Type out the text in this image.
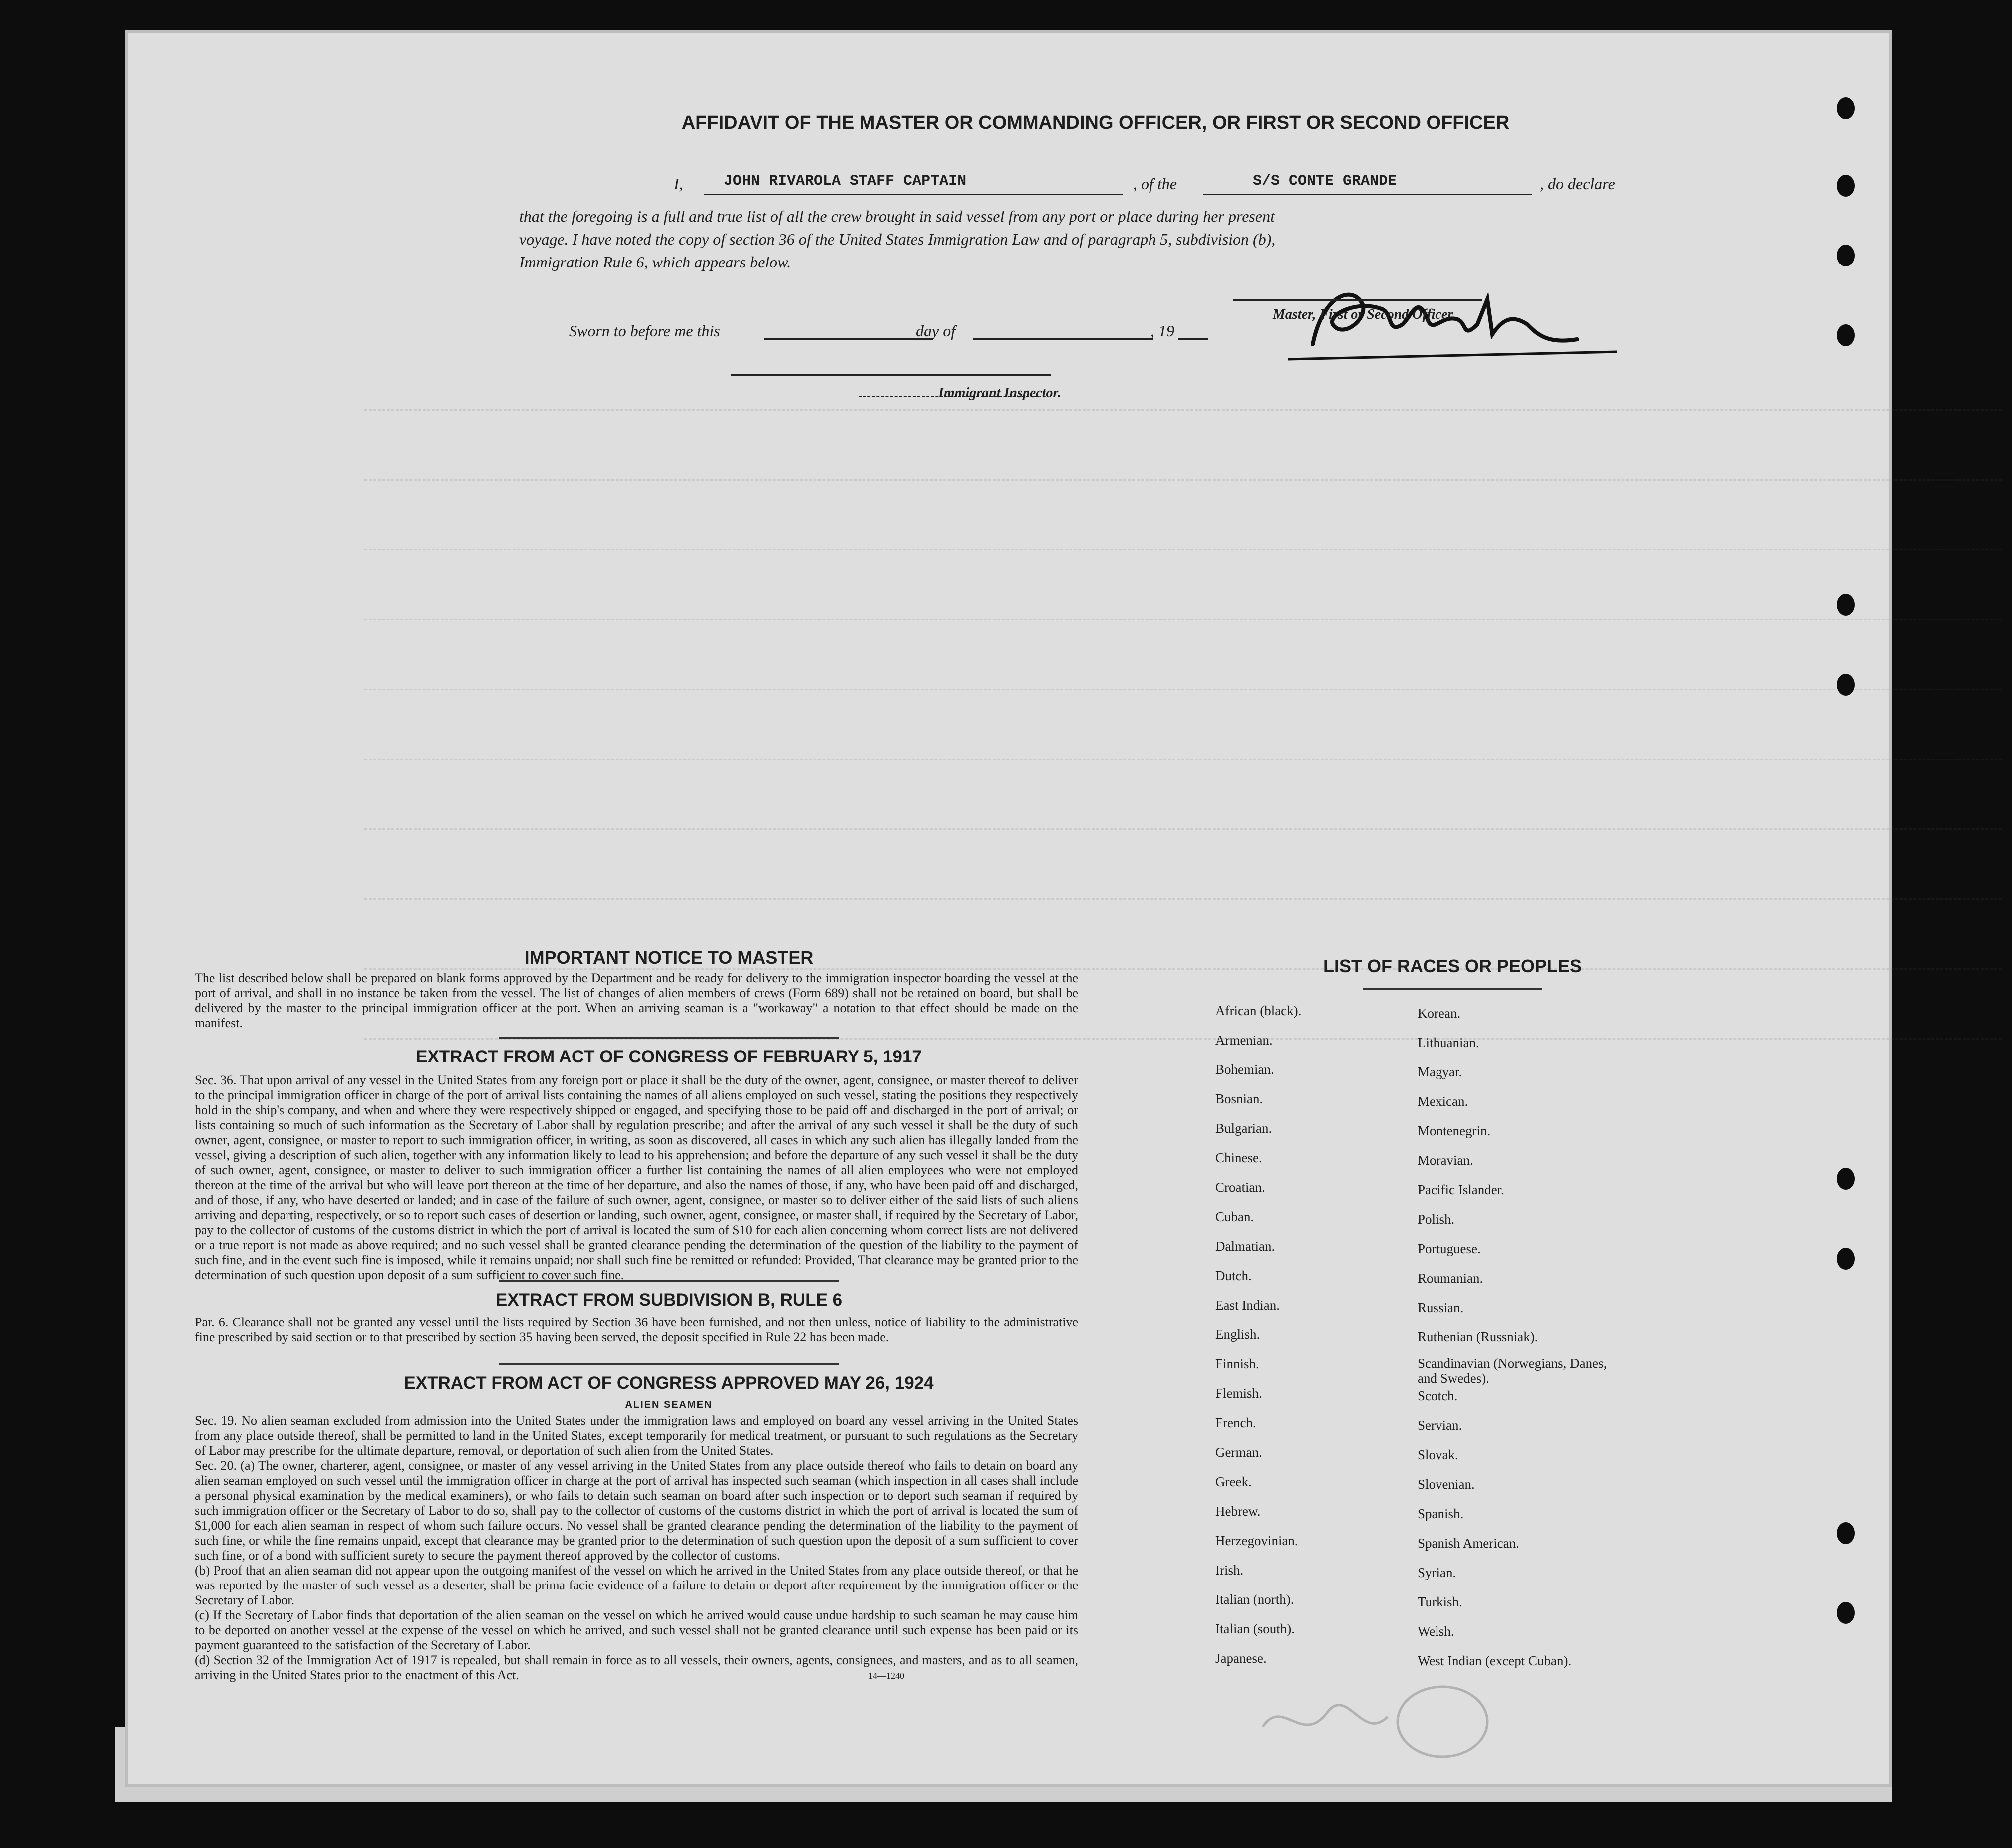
AFFIDAVIT OF THE MASTER OR COMMANDING OFFICER, OR FIRST OR SECOND OFFICER
I,	JOHN RIVAROLA STAFF CAPTAIN	, of the	S/S CONTE GRANDE	, do declare
that the foregoing is a full and true list of all the crew brought in said vessel from any port or place during her present
voyage. I have noted the copy of section 36 of the United States Immigration Law and of paragraph 5, subdivision (b),
Immigration Rule 6, which appears below.
Master, First or Second Officer.
Sworn to before me this	day of	, 19
Immigrant Inspector.
IMPORTANT NOTICE TO MASTER
The list described below shall be prepared on blank forms approved by the Department and be ready for delivery to the immigration inspector boarding the vessel at the port of arrival, and shall in no instance be taken from the vessel. The list of changes of alien members of crews (Form 689) shall not be retained on board, but shall be delivered by the master to the principal immigration officer at the port. When an arriving seaman is a "workaway" a notation to that effect should be made on the manifest.
EXTRACT FROM ACT OF CONGRESS OF FEBRUARY 5, 1917
Sec. 36. That upon arrival of any vessel in the United States from any foreign port or place it shall be the duty of the owner, agent, consignee, or master thereof to deliver to the principal immigration officer in charge of the port of arrival lists containing the names of all aliens employed on such vessel, stating the positions they respectively hold in the ship's company, and when and where they were respectively shipped or engaged, and specifying those to be paid off and discharged in the port of arrival; or lists containing so much of such information as the Secretary of Labor shall by regulation prescribe; and after the arrival of any such vessel it shall be the duty of such owner, agent, consignee, or master to report to such immigration officer, in writing, as soon as discovered, all cases in which any such alien has illegally landed from the vessel, giving a description of such alien, together with any information likely to lead to his apprehension; and before the departure of any such vessel it shall be the duty of such owner, agent, consignee, or master to deliver to such immigration officer a further list containing the names of all alien employees who were not employed thereon at the time of the arrival but who will leave port thereon at the time of her departure, and also the names of those, if any, who have been paid off and discharged, and of those, if any, who have deserted or landed; and in case of the failure of such owner, agent, consignee, or master so to deliver either of the said lists of such aliens arriving and departing, respectively, or so to report such cases of desertion or landing, such owner, agent, consignee, or master shall, if required by the Secretary of Labor, pay to the collector of customs of the customs district in which the port of arrival is located the sum of $10 for each alien concerning whom correct lists are not delivered or a true report is not made as above required; and no such vessel shall be granted clearance pending the determination of the question of the liability to the payment of such fine, and in the event such fine is imposed, while it remains unpaid; nor shall such fine be remitted or refunded: Provided, That clearance may be granted prior to the determination of such question upon deposit of a sum sufficient to cover such fine.
EXTRACT FROM SUBDIVISION B, RULE 6
Par. 6. Clearance shall not be granted any vessel until the lists required by Section 36 have been furnished, and not then unless, notice of liability to the administrative fine prescribed by said section or to that prescribed by section 35 having been served, the deposit specified in Rule 22 has been made.
EXTRACT FROM ACT OF CONGRESS APPROVED MAY 26, 1924
ALIEN SEAMEN
Sec. 19. No alien seaman excluded from admission into the United States under the immigration laws and employed on board any vessel arriving in the United States from any place outside thereof, shall be permitted to land in the United States, except temporarily for medical treatment, or pursuant to such regulations as the Secretary of Labor may prescribe for the ultimate departure, removal, or deportation of such alien from the United States.
Sec. 20. (a) The owner, charterer, agent, consignee, or master of any vessel arriving in the United States from any place outside thereof who fails to detain on board any alien seaman employed on such vessel until the immigration officer in charge at the port of arrival has inspected such seaman (which inspection in all cases shall include a personal physical examination by the medical examiners), or who fails to detain such seaman on board after such inspection or to deport such seaman if required by such immigration officer or the Secretary of Labor to do so, shall pay to the collector of customs of the customs district in which the port of arrival is located the sum of $1,000 for each alien seaman in respect of whom such failure occurs. No vessel shall be granted clearance pending the determination of the liability to the payment of such fine, or while the fine remains unpaid, except that clearance may be granted prior to the determination of such question upon the deposit of a sum sufficient to cover such fine, or of a bond with sufficient surety to secure the payment thereof approved by the collector of customs.
(b) Proof that an alien seaman did not appear upon the outgoing manifest of the vessel on which he arrived in the United States from any place outside thereof, or that he was reported by the master of such vessel as a deserter, shall be prima facie evidence of a failure to detain or deport after requirement by the immigration officer or the Secretary of Labor.
(c) If the Secretary of Labor finds that deportation of the alien seaman on the vessel on which he arrived would cause undue hardship to such seaman he may cause him to be deported on another vessel at the expense of the vessel on which he arrived, and such vessel shall not be granted clearance until such expense has been paid or its payment guaranteed to the satisfaction of the Secretary of Labor.
(d) Section 32 of the Immigration Act of 1917 is repealed, but shall remain in force as to all vessels, their owners, agents, consignees, and masters, and as to all seamen, arriving in the United States prior to the enactment of this Act.	14—1240
LIST OF RACES OR PEOPLES
African (black).
Armenian.
Bohemian.
Bosnian.
Bulgarian.
Chinese.
Croatian.
Cuban.
Dalmatian.
Dutch.
East Indian.
English.
Finnish.
Flemish.
French.
German.
Greek.
Hebrew.
Herzegovinian.
Irish.
Italian (north).
Italian (south).
Japanese.
Korean.
Lithuanian.
Magyar.
Mexican.
Montenegrin.
Moravian.
Pacific Islander.
Polish.
Portuguese.
Roumanian.
Russian.
Ruthenian (Russniak).
Scandinavian (Norwegians, Danes, and Swedes).
Scotch.
Servian.
Slovak.
Slovenian.
Spanish.
Spanish American.
Syrian.
Turkish.
Welsh.
West Indian (except Cuban).
